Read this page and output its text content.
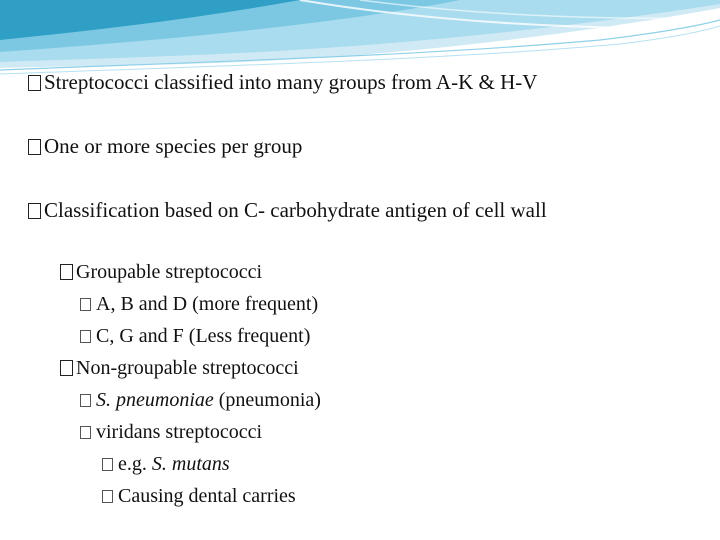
Streptococci classified into many groups from A-K & H-V
One or more species per group
Classification based on C- carbohydrate antigen of cell wall
Groupable streptococci
A, B and D (more frequent)
C, G and F (Less frequent)
Non-groupable streptococci
S. pneumoniae (pneumonia)
viridans streptococci
e.g. S. mutans
Causing dental carries
